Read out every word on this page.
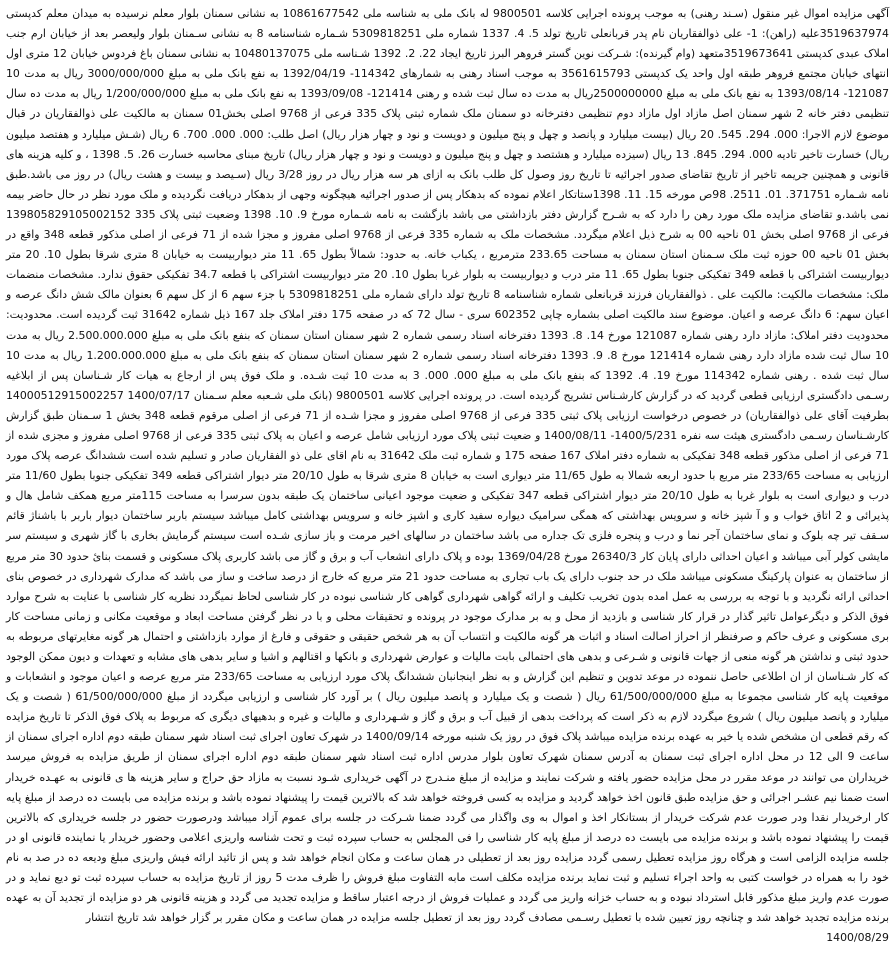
آگهی مزایده اموال غیر منقول (سـند رهنی) به موجب پرونده اجرایی کلاسه 9800501 له بانک ملی به شناسه ملی 10861677542 به نشانی سمنان بلوار معلم نرسیده به میدان معلم کدپستی 3519637974علیه (راهن): 1- علی ذوالفقاریان نام پدر قربانعلی تاریخ تولد 5. 4. 1337 شماره ملی 5309818251 شـماره شناسنامه 8 به نشانی سـمنان بلوار ولیعصر بعد از خیابان ارم جنب املاک عبدی کدپستی 3519673641متعهد (وام گیرنده): شـرکت نوین گستر فروهر البرز تاریخ ایجاد 22. 2. 1392 شـناسه ملی 10480137075 به نشانی سمنان باغ فردوس خیابان 12 متری اول انتهای خیابان مجتمع فروهر طبقه اول واحد یک کدپستی 3561615793 به موجب اسناد رهنی به شمارهای 114342- 1392/04/19 به نفع بانک ملی به مبلغ 3000/000/000 ریال به مدت 10 121087- 1393/08/14 به نفع بانک ملی به مبلغ 2500000000ریال به مدت ده سال ثبت شده و رهنی 121414- 1393/09/08 به نفع بانک ملی به مبلغ 1/200/000/000 ریال به مدت ده سال تنظیمی دفتر خانه 2 شهر سمنان اصل مازاد اول مازاد دوم تنظیمی دفترخانه دو سمنان ملک شماره ثبتی پلاک 335 فرعی از 9768 اصلی بخش01 سمنان به مالکیت علی ذوالفقاریان در قبال موضوع لازم الاجرا: 000. 294. 545. 20 ریال (بیست میلیارد و پانصد و چهل و پنج میلیون و دویست و نود و چهار هزار ریال) اصل طلب: 000. 000. 700. 6 ریال (شـش میلیارد و هفتصد میلیون ریال) خسارت تاخیر تادیه 000. 294. 845. 13 ریال (سیزده میلیارد و هشتصد و چهل و پنج میلیون و دویست و نود و چهار هزار ریال) تاریخ مبنای محاسبه خسارت 26. 5. 1398 ، و کلیه هزینه های قانونی و همچنین جریمه تاخیر از تاریخ تقاضای صدور اجرائیه تا تاریخ روز وصول کل طلب بانک به ازای هر سه هزار ریال در روز 3/28 ریال (سـیصد و بیست و هشت ریال) در روز می باشد.طبق نامه شـماره 371751. 01. 2511. 98ص مورخه 15. 11. 1398ستاتکار اعلام نموده که بدهکار پس از صدور اجرائیه هیچگونه وجهی از بدهکار دریافت نگردیده و ملک مورد نظر در حال حاضر بیمه نمی باشد.و تقاضای مزایده ملک مورد رهن را دارد که به شـرح گزارش دفتر بازداشتی می باشد بازگشت به نامه شـماره 13980582910500215‪2 مورخ 9. 10. 1398 وضعیت ثبتی پلاک 335 فرعی از 9768 اصلی بخش 01 ناحیه 00 به شرح ذیل اعلام میگردد. مشخصات ملک به شماره 335 فرعی از 9768 اصلی مفروز و مجزا شده از 71 فرعی از اصلی مذکور قطعه 348 واقع در بخش 01 ناحیه 00 حوزه ثبت ملک سـمنان استان سمنان به مساحت 233.65 مترمربع ، یکباب خانه. به حدود: شمالاً بطول 65. 11 متر دیواربیست به خیابان 8 متری شرقا بطول 10. 20 متر دیواربیست اشتراکی با قطعه 349 تفکیکی جنوبا بطول 65. 11 متر درب و دیواربیست به بلوار غربا بطول 10. 20 متر دیواربیست اشتراکی با قطعه 34.7 تفکیکی حقوق ندارد. مشخصات منضمات ملک: مشخصات مالکیت: مالکیت علی . ذوالفقاریان فرزند قربانعلی شماره شناسنامه 8 تاریخ تولد دارای شماره ملی 5309818251 با جزء سهم 6 از کل سهم 6 بعنوان مالک شش دانگ عرصه و اعیان سهم: 6 دانگ عرصه و اعیان. موضوع سند مالکیت اصلی بشماره چاپی 602352 سری - سال 72 که در صفحه 175 دفتر املاک جلد 167 ذیل شماره 31642 ثبت گردیده است. محدودیت: محدودیت دفتر املاک: مازاد دارد رهنی شماره 121087 مورخ 14. 8. 1393 دفترخانه اسناد رسمی شماره 2 شهر سمنان استان سمنان که بنفع بانک ملی به مبلغ 2.500.000.000 ریال به مدت 10 سال ثبت شده مازاد دارد رهنی شماره 121414 مورخ 8. 9. 1393 دفترخانه اسناد رسمی شماره 2 شهر سمنان استان سمنان که بنفع بانک ملی به مبلغ 1.200.000.000 ریال به مدت 10 سال ثبت شده . رهنی شماره 114342 مورخ 19. 4. 1392 که بنفع بانک ملی به مبلغ 000. 000. 3 به مدت 10 ثبت شـده. و ملک فوق پس از ارجاع به هیات کار شـناسان پس از ابلاغیه 140005129150022‪57 1400/07/17 رسـمی دادگستری ارزیابی قطعی گردید که در گزارش کارشـناس تشریح گردیده است. در پرونده اجرایی کلاسه 9800501 (بانک ملی شـعبه معلم سـمنان بطرفیت آقای علی ذوالفقاریان) در خصوص درخواست ارزیابی پلاک ثبتی 335 فرعی از 9768 اصلی مفروز و مجزا شـده از 71 فرعی از اصلی مرقوم قطعه 348 بخش 1 سـمنان طبق گزارش کارشـناسان رسـمی دادگستری هیئت سه نفره 1400/5/231- 1400/08/11 و ضعیت ثبتی پلاک مورد ارزیابی شامل عرصه و اعیان به پلاک ثبتی 335 فرعی از 9768 اصلی مفروز و مجزی شده از 71 فرعی از اصلی مذکور قطعه 348 تفکیکی به شماره دفتر املاک 167 صفحه 175 و شماره ثبت ملک 31642 به نام اقای علی ذو الفقاریان صادر و تسلیم شده است ششدانگ عرصه پلاک مورد ارزیابی به مساحت 233/65 متر مربع با حدود اربعه شمالا به طول 11/65 متر دیواری است به خیابان 8 متری شرقا به طول 20/10 متر دیوار اشتراکی قطعه 349 تفکیکی جنوبا بطول 11/60 متر درب و دیواری است به بلوار غربا به طول 20/10 متر دیوار اشتراکی قطعه 347 تفکیکی و ضعیت موجود اعیانی ساختمان یک طبقه بدون سرسرا به مساحت 115متر مربع همکف شامل هال و پذیرائی و 2 اتاق خواب و و آ شپز خانه و سرویس بهداشتی که همگی سرامیک دیواره سفید کاری و اشپز خانه و سرویس بهداشتی کامل میباشد سیستم باربر ساختمان دیوار باربر با باشناژ قائم سـقف تیر چه بلوک و نمای ساختمان آجر نما و درب و پنجره فلزی تک جداره می باشد ساختمان در سالهای اخیر مرمت و باز سازی شـده است سیستم گرمایش بخاری با گاز شهری و سیستم سر مایشی کولر آبی میباشد و اعیان احداثی دارای پایان کار 26340/3 مورخ 1369/04/28 بوده و پلاک دارای انشعاب آب و برق و گاز می باشد کاربری پلاک مسکونی و قسمت بنائ حدود 30 متر مربع از ساختمان به عنوان پارکینگ مسکونی میباشد ملک در حد جنوب دارای یک باب تجاری به مساحت حدود 21 متر مربع که خارج از درصد ساخت و ساز می باشد که مدارک شهرداری در خصوص بنای احداثی ارائه نگردید و با توجه به بررسی به عمل امده بدون تخریب تکلیف و ارائه گواهی شهرداری گواهی کار شناسی نبوده در کار شناسی لحاظ نمیگردد نظریه کار شناسی با عنایت به شرح موارد فوق الذکر و دیگرعوامل تاثیر گذار در قرار کار شناسی و بازدید از محل و به بر مدارک موجود در پرونده و تحقیقات محلی و با در نظر گرفتن مساحت ابعاد و موقعیت مکانی و زمانی مساحت کار بری مسکونی و عرف حاکم و صرفنظر از احراز اصالت اسناد و اثبات هر گونه مالکیت و انتساب آن به هر شخص حقیقی و حقوقی و فارغ از موارد بازداشتی و احتمال هر گونه مغایرتهای مربوطه به حدود ثبتی و نداشتن هر گونه منعی از جهات قانونی و شـرعی و بدهی های احتمالی بابت مالیات و عوارض شهرداری و بانکها و اقتالهم و اشیا و سایر بدهی های مشابه و تعهدات و دیون ممکن الوجود که کار شـناسان از ان اطلاعی حاصل ننموده در موعد تدوین و تنظیم این گزارش و به نظر اینجانبان ششدانگ پلاک مورد ارزیابی به مساحت 233/65 متر مربع عرصه و اعیان موجود و انشعابات و موقعیت پایه کار شناسی مجموعا به مبلغ 61/500/000/000 ریال ( شصت و یک میلیارد و پانصد میلیون ریال ) بر آورد کار شناسی و ارزیابی میگردد از مبلغ 61/500/000/000 ( شصت و یک میلیارد و پانصد میلیون ریال ) شروع میگردد لازم به ذکر است که پرداخت بدهی از قبیل آب و برق و گاز و شـهرداری و مالیات و غیره و بدهیهای دیگری که مربوط به پلاک فوق الذکر تا تاریخ مزایده که رقم قطعی ان مشخص شده یا خیر به عهده برنده مزایده میباشد پلاک فوق در روز یک شنبه مورخه 1400/09/14 در شهرک تعاون اجرای ثبت اسناد شهر سمنان طبقه دوم اداره اجرای سمنان از ساعت 9 الی 12 در محل اداره اجرای ثبت سمنان به آدرس سمنان شهرک تعاون بلوار مدرس اداره ثبت اسناد شهر سمنان طبقه دوم اداره اجرای سمنان از طریق مزایده به فروش میرسد خریداران می توانند در موعد مقرر در محل مزایده حضور یافته و شرکت نمایند و مزایده از مبلغ منـدرج در آگهی خریداری شـود نسبت به مازاد حق حراج و سایر هزینه ها ی قانونی به عهـده خریدار است ضمنا نیم عشـر اجرائی و حق مزایده طبق قانون اخذ خواهد گردید و مزایده به کسی فروخته خواهد شد که بالاترین قیمت را پیشنهاد نموده باشد و برنده مزایده می بایست ده درصد از مبلغ پایه کار ارخریدار نقدا ودر صورت عدم شرکت خریدار از بستانکار اخذ و اموال به وی واگذار می گردد ضمنا شـرکت در جلسه برای عموم آزاد میباشد ودرصورت حضور در جلسه خریداری که بالاترین قیمت را پیشنهاد نموده باشد و برنده مزایده می بایست ده درصد از مبلغ پایه کار شناسی را فی المجلس به حساب سپرده ثبت و تحت شناسه واریزی اعلامی وحضور خریدار یا نماینده قانونی او در جلسه مزایده الزامی است و هرگاه روز مزایده تعطیل رسمی گردد مزایده روز بعد از تعطیلی در همان ساعت و مکان انجام خواهد شد و پس از تائید ارائه فیش واریزی مبلغ ودیعه ده در صد به نام خود را به همراه در خواست کتبی به واحد اجراء تسلیم و ثبت نماید برنده مزایده مکلف است مابه التفاوت مبلغ فروش را ظرف مدت 5 روز از تاریخ مزایده به حساب سپرده ثبت تو دیع نماید و در صورت عدم واریز مبلغ مذکور قابل استرداد نبوده و به حساب خزانه واریز می گردد و عملیات فروش از درجه اعتبار ساقط و مزایده تجدید می گردد و هزینه قانونی هر دو مزایده از تجدید آن به عهده برنده مزایده تجدید خواهد شد و چنانچه روز تعیین شده با تعطیل رسـمی مصادف گردد روز بعد از تعطیل جلسه مزایده در همان ساعت و مکان مقرر بر گزار خواهد شد تاریخ انتشار

1400/08/29
